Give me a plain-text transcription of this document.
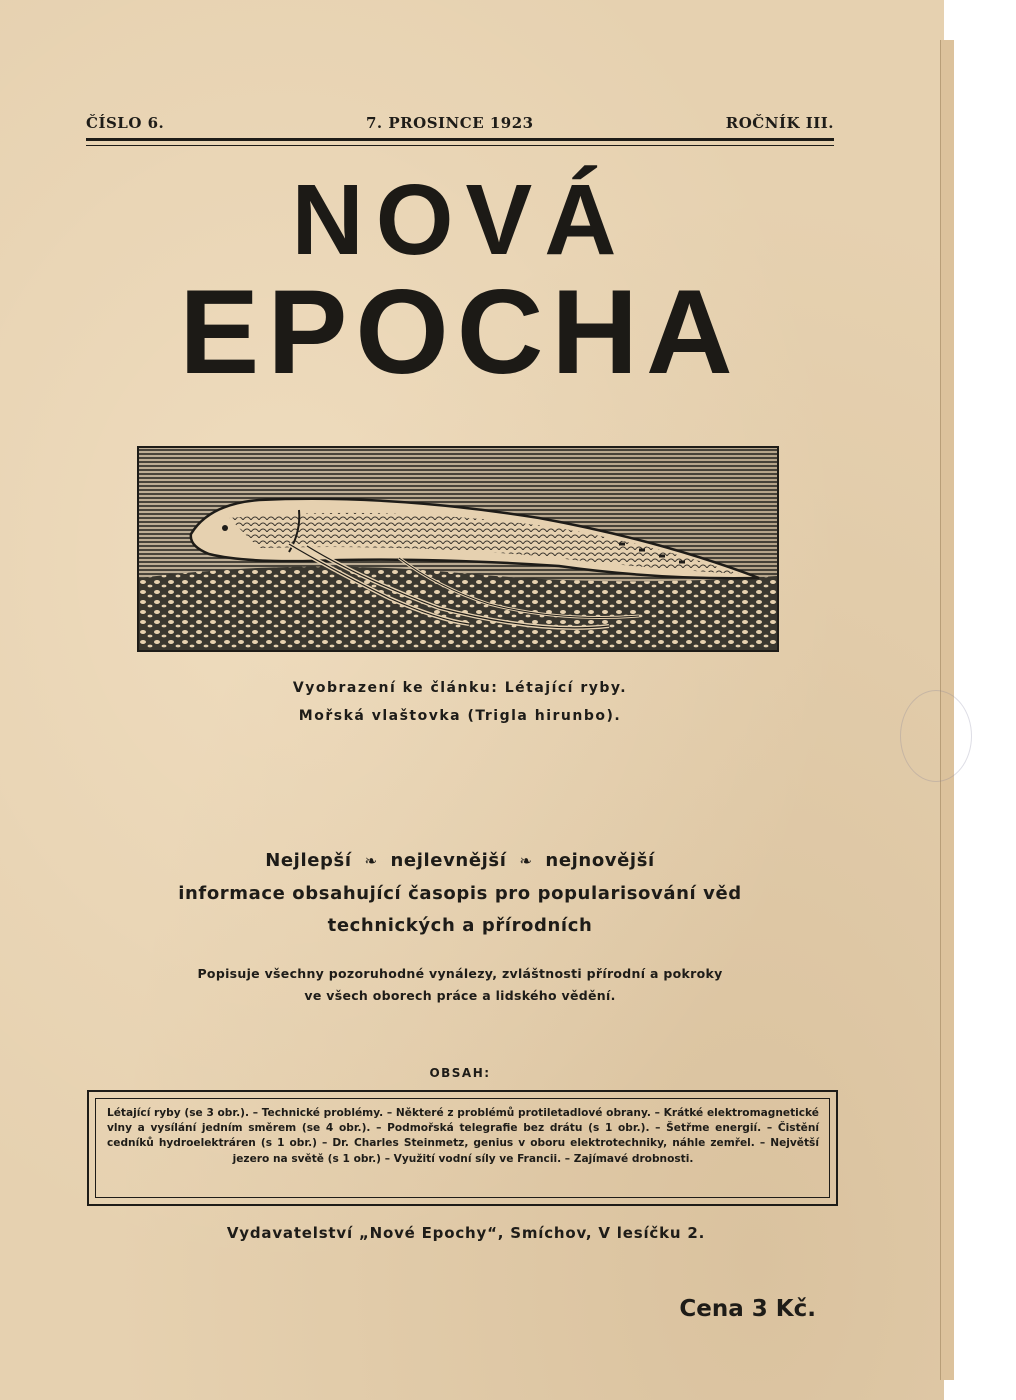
ČÍSLO 6.	7. PROSINCE 1923	ROČNÍK III.
NOVÁ
EPOCHA
Vyobrazení ke článku: Létající ryby.
Mořská vlaštovka (Trigla hirunbo).
Nejlepší ❧ nejlevnější ❧ nejnovější
informace obsahující časopis pro popularisování věd
technických a přírodních
Popisuje všechny pozoruhodné vynálezy, zvláštnosti přírodní a pokroky
ve všech oborech práce a lidského vědění.
OBSAH:
Létající ryby (se 3 obr.). – Technické problémy. – Některé z problémů protiletadlové obrany. – Krátké elektromagnetické vlny a vysílání jedním směrem (se 4 obr.). – Podmořská telegrafie bez drátu (s 1 obr.). – Šetřme energií. – Čistění cedníků hydroelektráren (s 1 obr.) – Dr. Charles Steinmetz, genius v oboru elektrotechniky, náhle zemřel. – Největší jezero na světě (s 1 obr.) – Využití vodní síly ve Francii. – Zajímavé drobnosti.
Vydavatelství „Nové Epochy“, Smíchov, V lesíčku 2.
Cena 3 Kč.
